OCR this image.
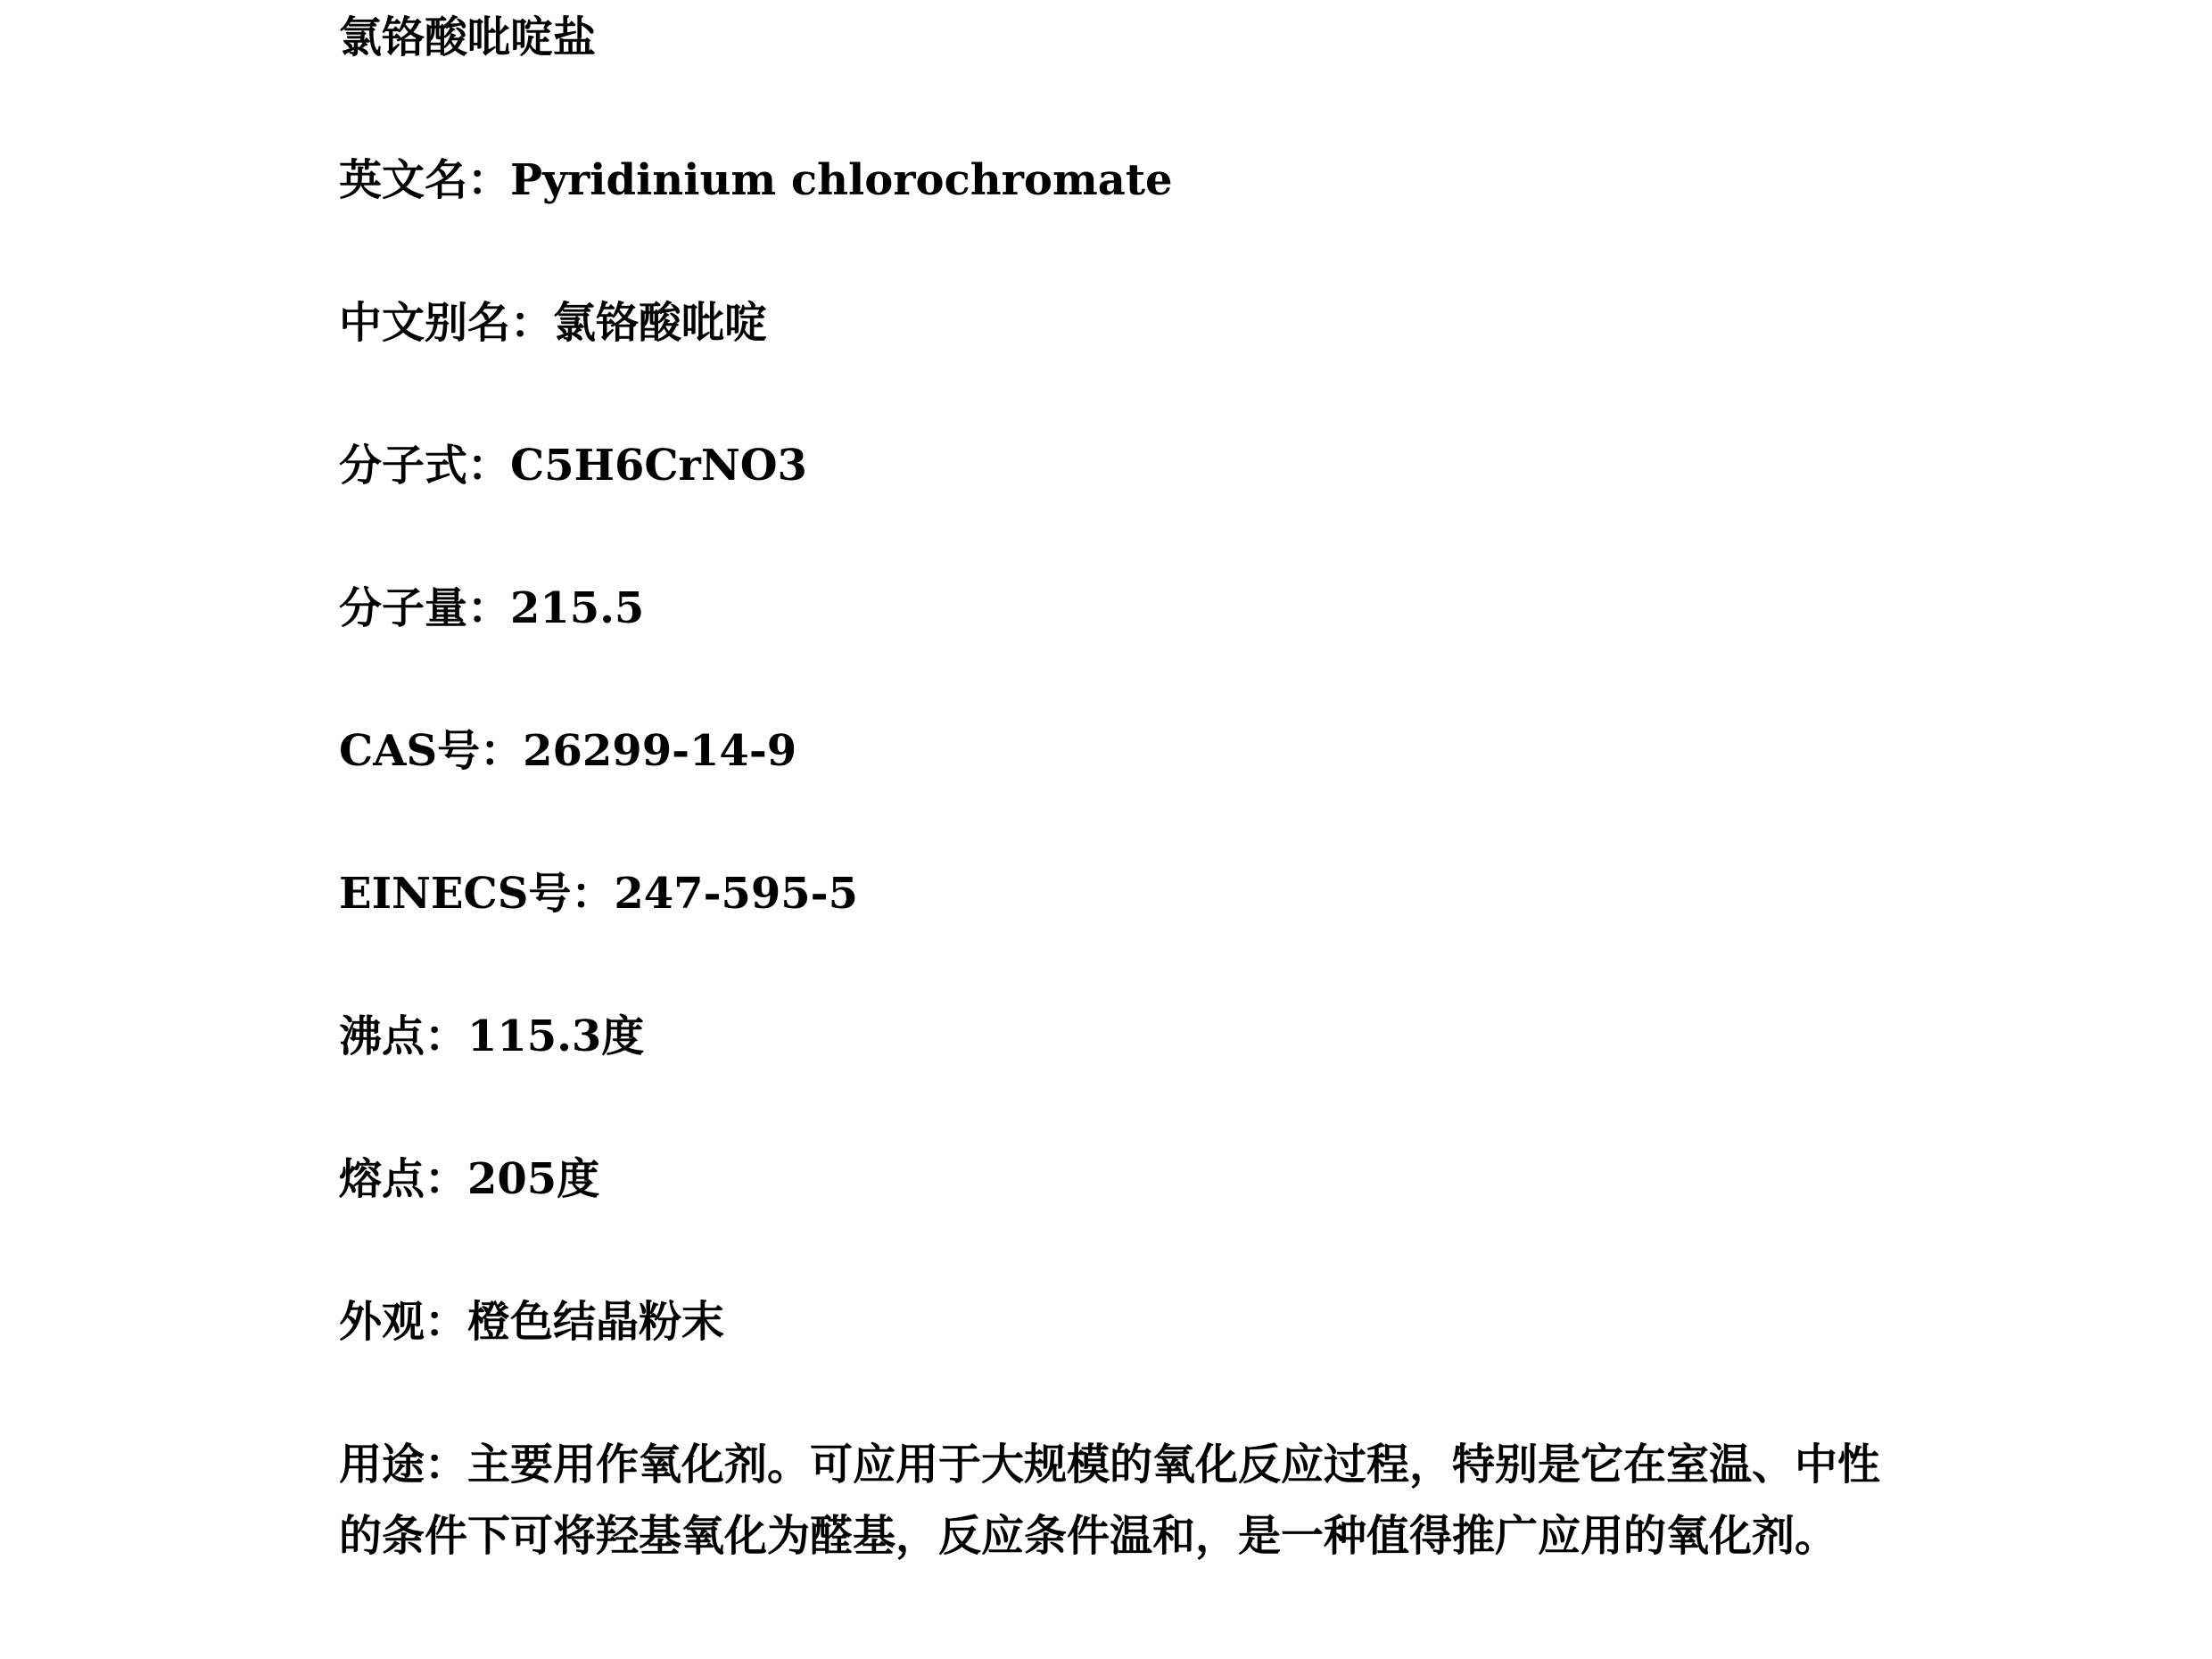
氯铬酸吡啶盐

英文名：Pyridinium chlorochromate

中文别名：氯铬酸吡啶

分子式：C5H6CrNO3

分子量：215.5

CAS号：26299-14-9

EINECS号：247-595-5

沸点：115.3度

熔点：205度

外观：橙色结晶粉末

用途：主要用作氧化剂。可应用于大规模的氧化反应过程，特别是它在室温、中性的条件下可将羟基氧化为醛基，反应条件温和，是一种值得推广应用的氧化剂。
